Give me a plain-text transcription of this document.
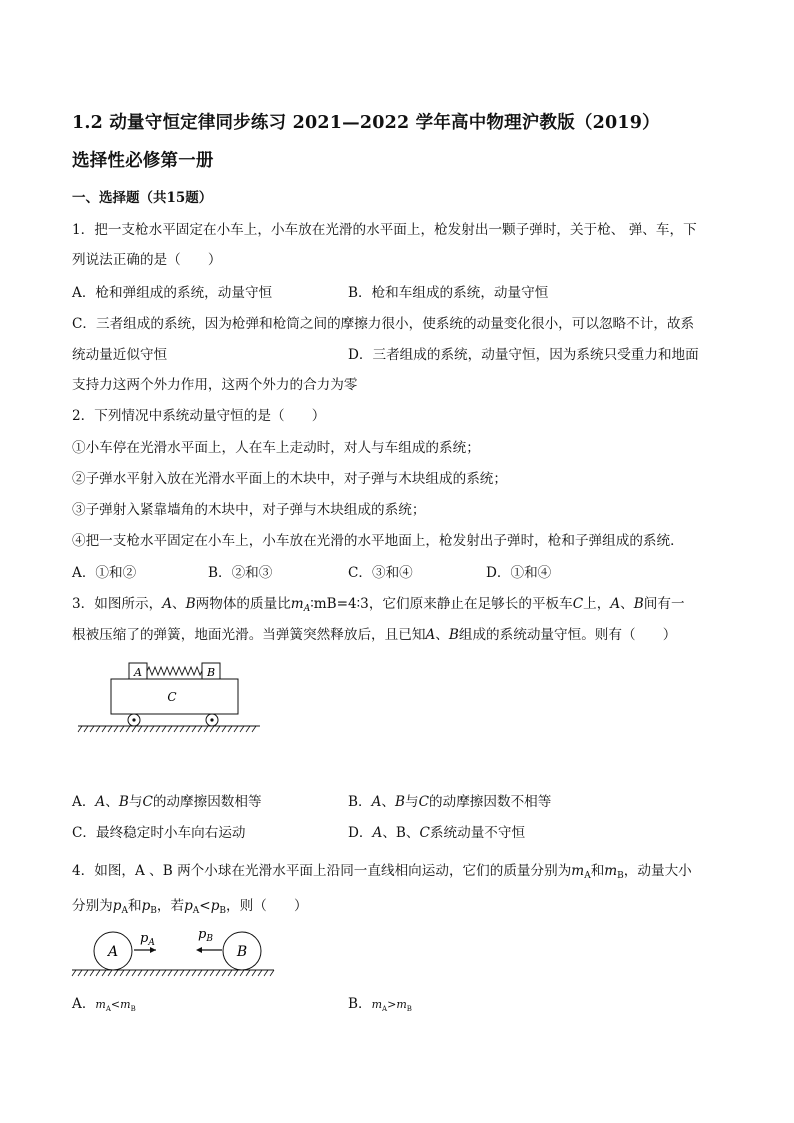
1.2 动量守恒定律同步练习 2021—2022 学年高中物理沪教版（2019）
选择性必修第一册
一、选择题（共15题）
1．把一支枪水平固定在小车上，小车放在光滑的水平面上，枪发射出一颗子弹时，关于枪、 弹、车，下
列说法正确的是（　　）
A．枪和弹组成的系统，动量守恒	B．枪和车组成的系统，动量守恒
C．三者组成的系统，因为枪弹和枪筒之间的摩擦力很小，使系统的动量变化很小，可以忽略不计，故系
统动量近似守恒	D．三者组成的系统，动量守恒，因为系统只受重力和地面
支持力这两个外力作用，这两个外力的合力为零
2．下列情况中系统动量守恒的是（　　）
①小车停在光滑水平面上，人在车上走动时，对人与车组成的系统；
②子弹水平射入放在光滑水平面上的木块中，对子弹与木块组成的系统；
③子弹射入紧靠墙角的木块中，对子弹与木块组成的系统；
④把一支枪水平固定在小车上，小车放在光滑的水平地面上，枪发射出子弹时，枪和子弹组成的系统．
A．①和②	B．②和③	C．③和④	D．①和④
3．如图所示，A、B两物体的质量比$m_A∶mB=4∶3$，它们原来静止在足够长的平板车C上，A、B间有一
根被压缩了的弹簧，地面光滑。当弹簧突然释放后，且已知A、B组成的系统动量守恒。则有（　　）
A	B
C
A．A、B与C的动摩擦因数相等	B．A、B与C的动摩擦因数不相等
C．最终稳定时小车向右运动	D．A、B、C系统动量不守恒
4．如图，A 、B 两个小球在光滑水平面上沿同一直线相向运动，它们的质量分别为$m_A$和$m_B$，动量大小
分别为$p_A$和$p_B$，若$p_A<p_B$，则（　　）
A
$p_A$
$p_B$
B
A．$m_A<m_B$	B．$m_A>m_B$
